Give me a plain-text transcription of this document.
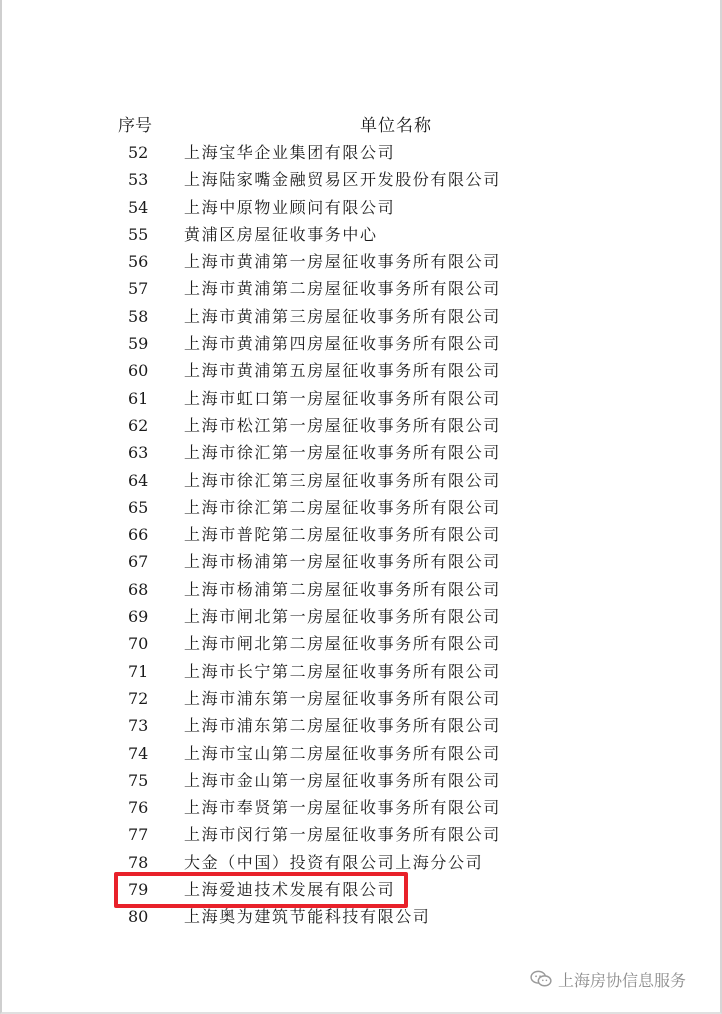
序号	单位名称
52	上海宝华企业集团有限公司
53	上海陆家嘴金融贸易区开发股份有限公司
54	上海中原物业顾问有限公司
55	黄浦区房屋征收事务中心
56	上海市黄浦第一房屋征收事务所有限公司
57	上海市黄浦第二房屋征收事务所有限公司
58	上海市黄浦第三房屋征收事务所有限公司
59	上海市黄浦第四房屋征收事务所有限公司
60	上海市黄浦第五房屋征收事务所有限公司
61	上海市虹口第一房屋征收事务所有限公司
62	上海市松江第一房屋征收事务所有限公司
63	上海市徐汇第一房屋征收事务所有限公司
64	上海市徐汇第三房屋征收事务所有限公司
65	上海市徐汇第二房屋征收事务所有限公司
66	上海市普陀第二房屋征收事务所有限公司
67	上海市杨浦第一房屋征收事务所有限公司
68	上海市杨浦第二房屋征收事务所有限公司
69	上海市闸北第一房屋征收事务所有限公司
70	上海市闸北第二房屋征收事务所有限公司
71	上海市长宁第二房屋征收事务所有限公司
72	上海市浦东第一房屋征收事务所有限公司
73	上海市浦东第二房屋征收事务所有限公司
74	上海市宝山第二房屋征收事务所有限公司
75	上海市金山第一房屋征收事务所有限公司
76	上海市奉贤第一房屋征收事务所有限公司
77	上海市闵行第一房屋征收事务所有限公司
78	大金（中国）投资有限公司上海分公司
79	上海爱迪技术发展有限公司
80	上海奥为建筑节能科技有限公司
上海房协信息服务
